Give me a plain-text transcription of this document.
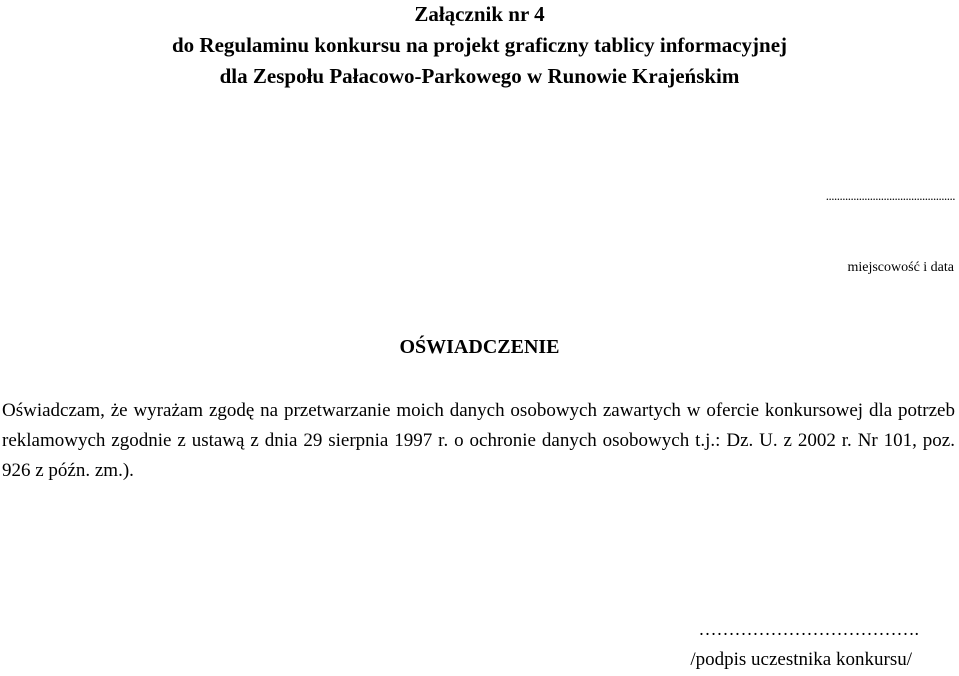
Załącznik nr 4
do Regulaminu konkursu na projekt graficzny tablicy informacyjnej
dla Zespołu Pałacowo-Parkowego w Runowie Krajeńskim
...............................................
miejscowość i data
OŚWIADCZENIE
Oświadczam, że wyrażam zgodę na przetwarzanie moich danych osobowych zawartych w ofercie konkursowej dla potrzeb reklamowych zgodnie z ustawą z dnia 29 sierpnia 1997 r. o ochronie danych osobowych t.j.: Dz. U. z 2002 r. Nr 101, poz. 926 z późn. zm.).
……………………………….
/podpis uczestnika konkursu/
